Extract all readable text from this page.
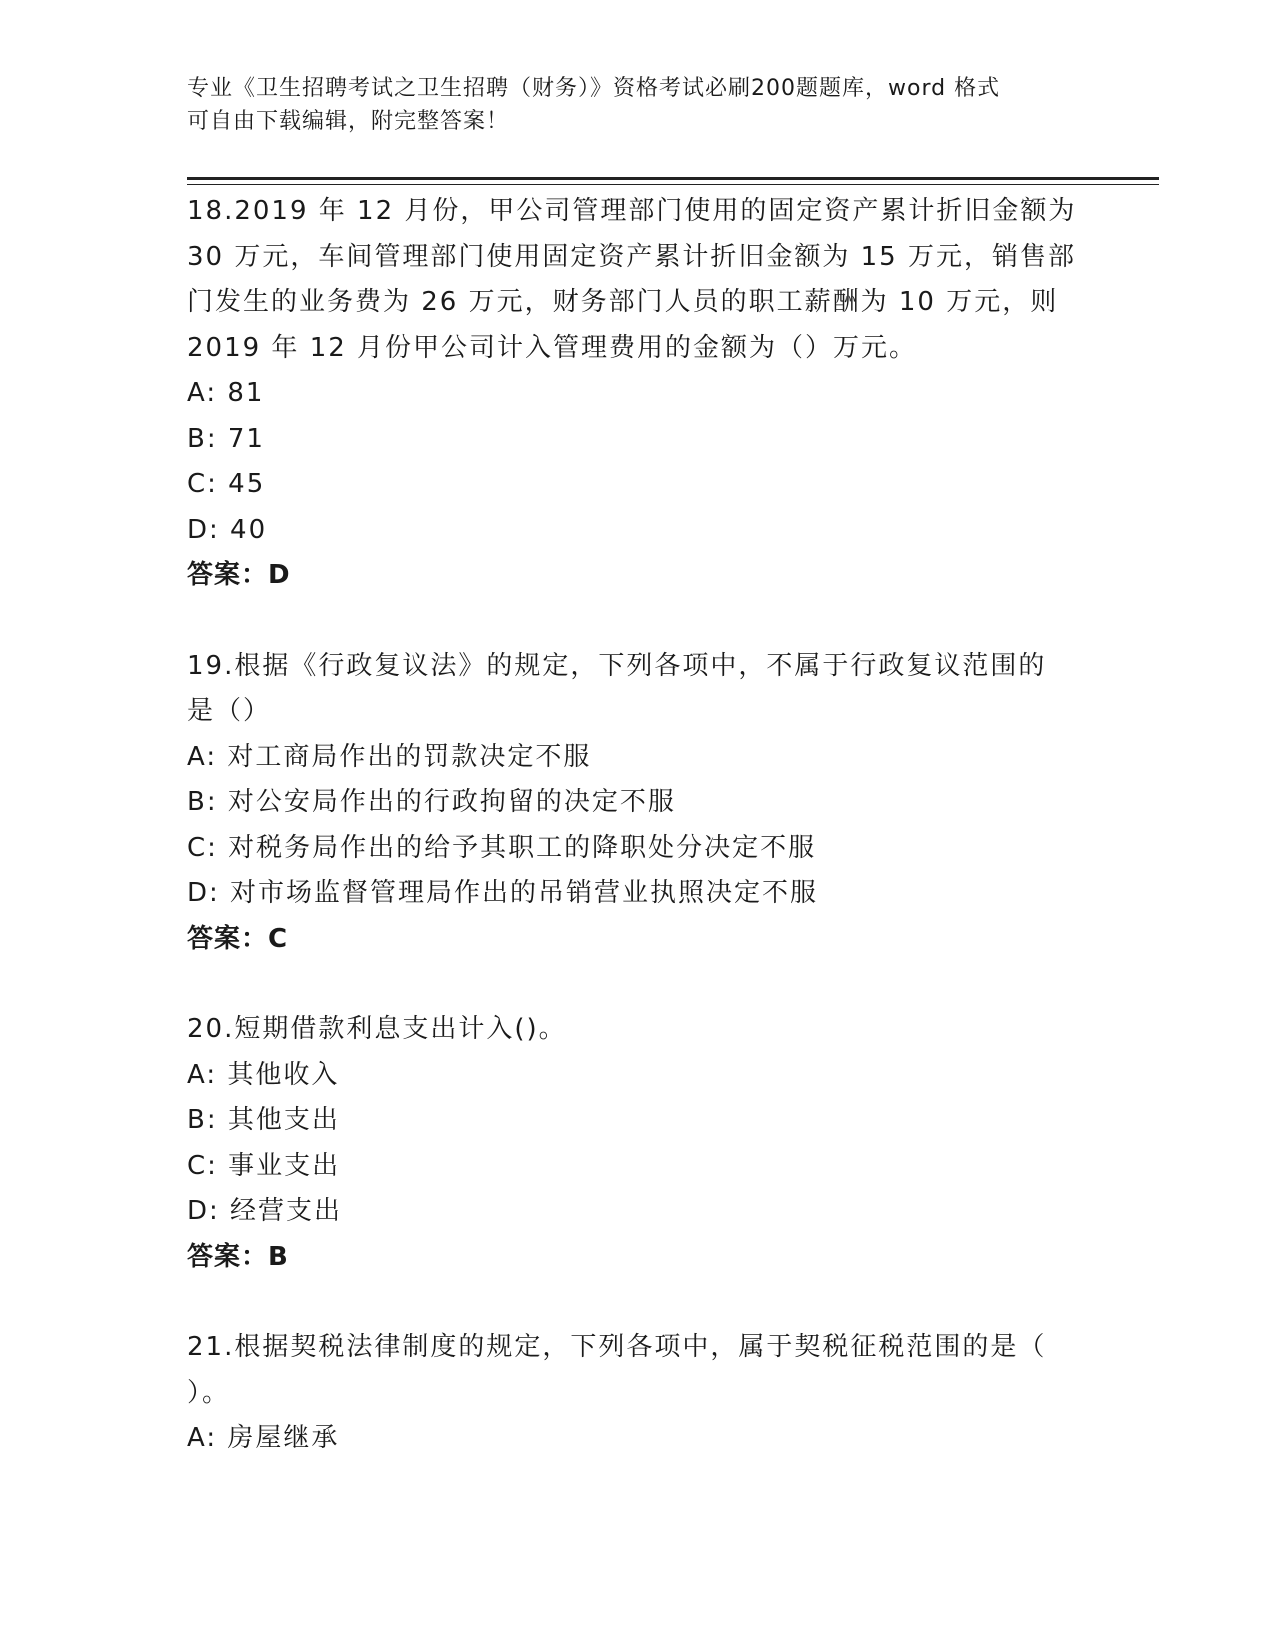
专业《卫生招聘考试之卫生招聘（财务）》资格考试必刷200题题库，word 格式
可自由下载编辑，附完整答案！
18.2019 年 12 月份，甲公司管理部门使用的固定资产累计折旧金额为
30 万元，车间管理部门使用固定资产累计折旧金额为 15 万元，销售部
门发生的业务费为 26 万元，财务部门人员的职工薪酬为 10 万元，则
2019 年 12 月份甲公司计入管理费用的金额为（）万元。
A: 81
B: 71
C: 45
D: 40
答案：D
19.根据《行政复议法》的规定，下列各项中，不属于行政复议范围的
是（）
A: 对工商局作出的罚款决定不服
B: 对公安局作出的行政拘留的决定不服
C: 对税务局作出的给予其职工的降职处分决定不服
D: 对市场监督管理局作出的吊销营业执照决定不服
答案：C
20.短期借款利息支出计入()。
A: 其他收入
B: 其他支出
C: 事业支出
D: 经营支出
答案：B
21.根据契税法律制度的规定，下列各项中，属于契税征税范围的是（
）。
A: 房屋继承
